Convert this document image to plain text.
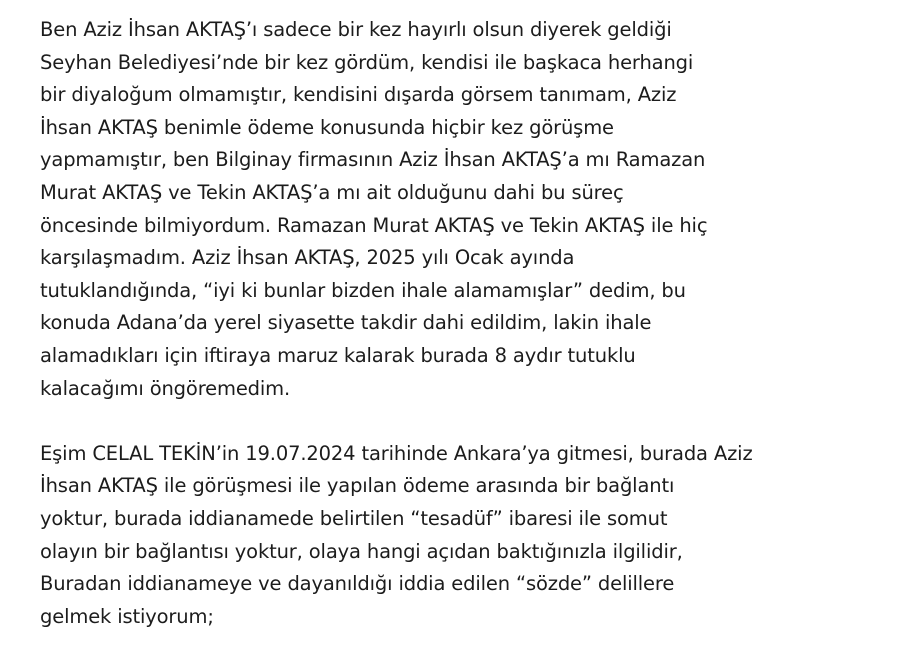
Ben Aziz İhsan AKTAŞ’ı sadece bir kez hayırlı olsun diyerek geldiği
Seyhan Belediyesi’nde bir kez gördüm, kendisi ile başkaca herhangi
bir diyaloğum olmamıştır, kendisini dışarda görsem tanımam, Aziz
İhsan AKTAŞ benimle ödeme konusunda hiçbir kez görüşme
yapmamıştır, ben Bilginay firmasının Aziz İhsan AKTAŞ’a mı Ramazan
Murat AKTAŞ ve Tekin AKTAŞ’a mı ait olduğunu dahi bu süreç
öncesinde bilmiyordum. Ramazan Murat AKTAŞ ve Tekin AKTAŞ ile hiç
karşılaşmadım. Aziz İhsan AKTAŞ, 2025 yılı Ocak ayında
tutuklandığında, “iyi ki bunlar bizden ihale alamamışlar” dedim, bu
konuda Adana’da yerel siyasette takdir dahi edildim, lakin ihale
alamadıkları için iftiraya maruz kalarak burada 8 aydır tutuklu
kalacağımı öngöremedim.

Eşim CELAL TEKİN’in 19.07.2024 tarihinde Ankara’ya gitmesi, burada Aziz
İhsan AKTAŞ ile görüşmesi ile yapılan ödeme arasında bir bağlantı
yoktur, burada iddianamede belirtilen “tesadüf” ibaresi ile somut
olayın bir bağlantısı yoktur, olaya hangi açıdan baktığınızla ilgilidir,
Buradan iddianameye ve dayanıldığı iddia edilen “sözde” delillere
gelmek istiyorum;
